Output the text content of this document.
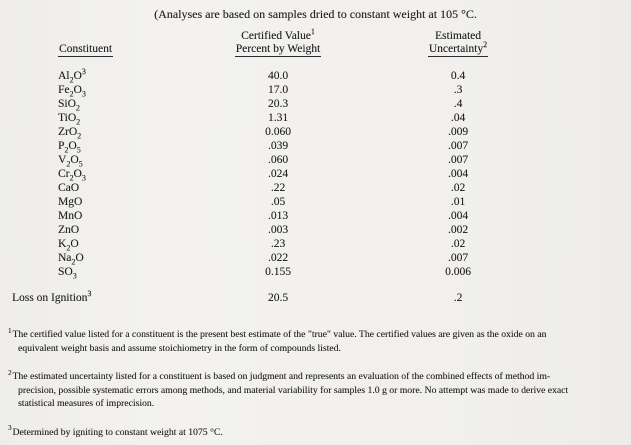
(Analyses are based on samples dried to constant weight at 105 °C.
Constituent
Certified Value$^1$
Percent by Weight
Estimated
Uncertainty$^2$
$Al_2O^3$	40.0	0.4
$Fe_2O_3$	17.0	.3
SiO$_2$	20.3	.4
TiO$_2$	1.31	.04
ZrO$_2$	0.060	.009
$P_2O_5$	.039	.007
$V_2O_5$	.060	.007
$Cr_2O_3$	.024	.004
CaO	.22	.02
MgO	.05	.01
MnO	.013	.004
ZnO	.003	.002
$K_2O$	.23	.02
$Na_2O$	.022	.007
$SO_3$	0.155	0.006
Loss on Ignition$^3$	20.5	.2
$^1$The certified value listed for a constituent is the present best estimate of the "true" value. The certified values are given as the oxide on an
equivalent weight basis and assume stoichiometry in the form of compounds listed.
$^2$The estimated uncertainty listed for a constituent is based on judgment and represents an evaluation of the combined effects of method im-
precision, possible systematic errors among methods, and material variability for samples 1.0 g or more. No attempt was made to derive exact
statistical measures of imprecision.
$^3$Determined by igniting to constant weight at 1075 °C.
